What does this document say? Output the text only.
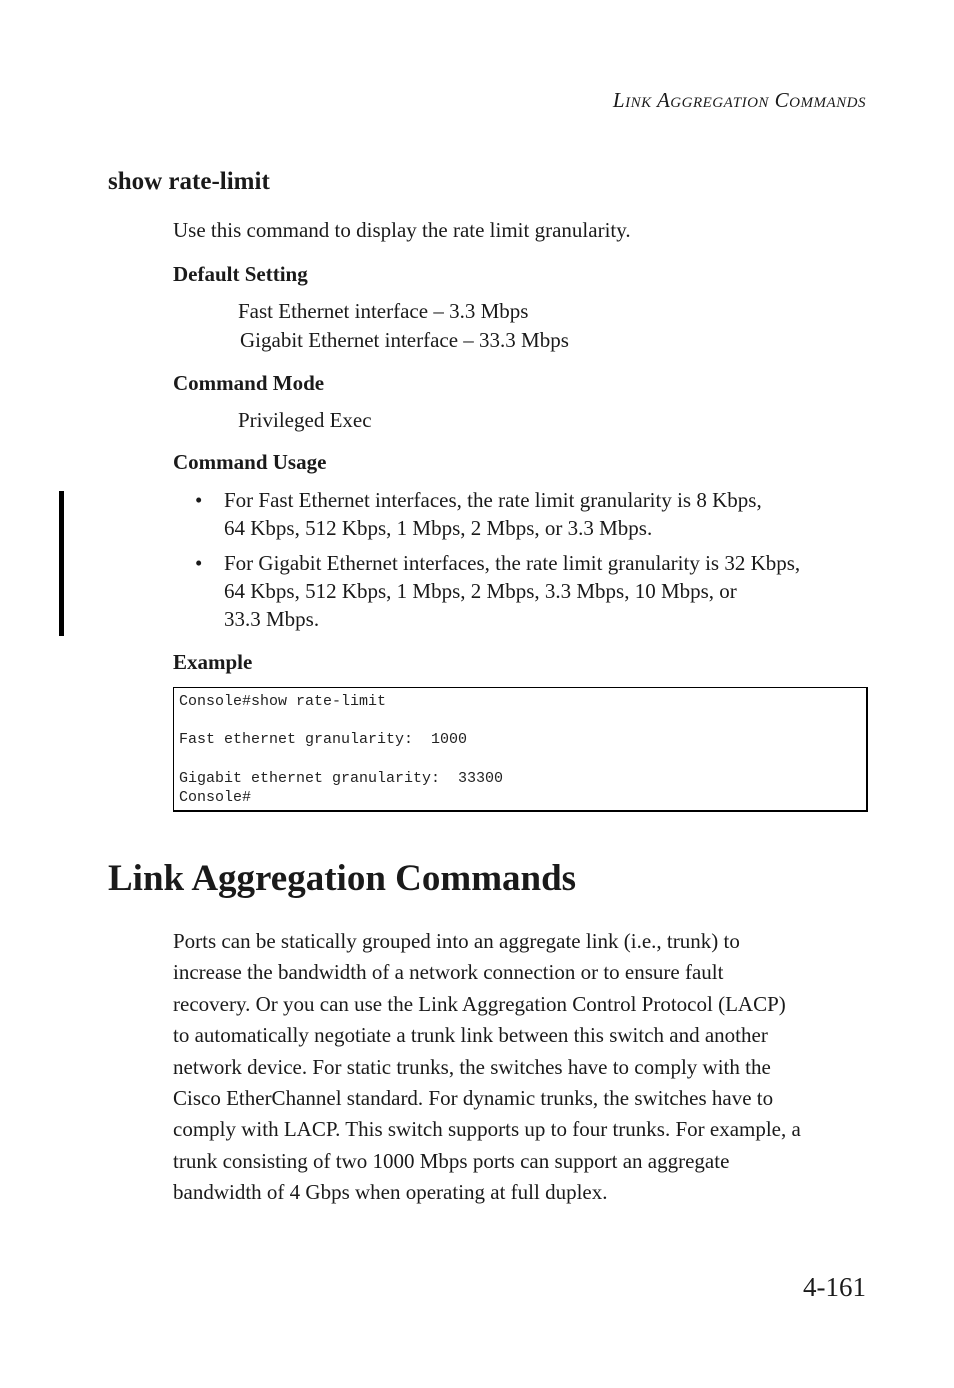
Link Aggregation Commands
show rate-limit
Use this command to display the rate limit granularity.
Default Setting
Fast Ethernet interface – 3.3 Mbps
Gigabit Ethernet interface – 33.3 Mbps
Command Mode
Privileged Exec
Command Usage
•	For Fast Ethernet interfaces, the rate limit granularity is 8 Kbps,
64 Kbps, 512 Kbps, 1 Mbps, 2 Mbps, or 3.3 Mbps.
•	For Gigabit Ethernet interfaces, the rate limit granularity is 32 Kbps,
64 Kbps, 512 Kbps, 1 Mbps, 2 Mbps, 3.3 Mbps, 10 Mbps, or
33.3 Mbps.
Example
Console#show rate-limit
Fast ethernet granularity:  1000
Gigabit ethernet granularity:  33300
Console#
Link Aggregation Commands
Ports can be statically grouped into an aggregate link (i.e., trunk) to
increase the bandwidth of a network connection or to ensure fault
recovery. Or you can use the Link Aggregation Control Protocol (LACP)
to automatically negotiate a trunk link between this switch and another
network device. For static trunks, the switches have to comply with the
Cisco EtherChannel standard. For dynamic trunks, the switches have to
comply with LACP. This switch supports up to four trunks. For example, a
trunk consisting of two 1000 Mbps ports can support an aggregate
bandwidth of 4 Gbps when operating at full duplex.
4-161
